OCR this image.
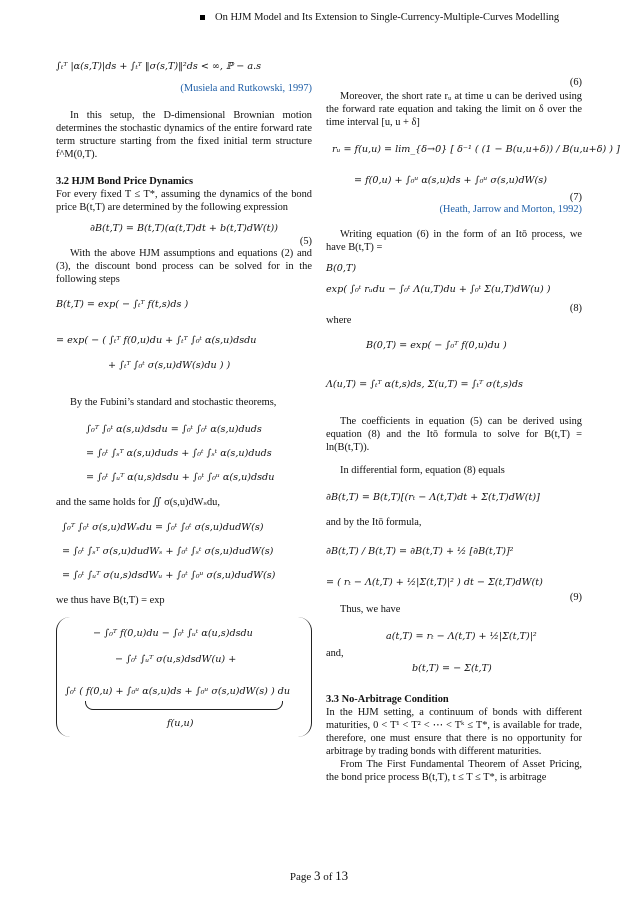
On HJM Model and Its Extension to Single-Currency-Multiple-Curves Modelling
∫ₜᵀ |α(s,T)|ds + ∫ₜᵀ ‖σ(s,T)‖²ds < ∞, ℙ − a.s
(Musiela and Rutkowski, 1997)

In this setup, the D-dimensional Brownian motion determines the stochastic dynamics of the entire forward rate term structure starting from the fixed initial term structure f^M(0,T).

3.2 HJM Bond Price Dynamics

For every fixed T ≤ T*, assuming the dynamics of the bond price B(t,T) are determined by the following expression

∂B(t,T) = B(t,T)(α(t,T)dt + b(t,T)dW(t))
(5)

With the above HJM assumptions and equations (2) and (3), the discount bond process can be solved for in the following steps

B(t,T) = exp( − ∫ₜᵀ f(t,s)ds )
= exp( − ( ∫ₜᵀ f(0,u)du + ∫ₜᵀ ∫₀ᵗ α(s,u)dsdu
+ ∫ₜᵀ ∫₀ᵗ σ(s,u)dW(s)du ) )

By the Fubini’s standard and stochastic theorems,

∫₀ᵀ ∫₀ᵗ α(s,u)dsdu = ∫₀ᵗ ∫₀ᵗ α(s,u)duds
= ∫₀ᵗ ∫ₛᵀ α(s,u)duds + ∫₀ᵗ ∫ₛᵗ α(s,u)duds
= ∫₀ᵗ ∫ᵤᵀ α(u,s)dsdu + ∫₀ᵗ ∫₀ᵘ α(s,u)dsdu

and the same holds for ∬ σ(s,u)dWₛdu,

∫₀ᵀ ∫₀ᵗ σ(s,u)dWₛdu = ∫₀ᵗ ∫₀ᵗ σ(s,u)dudW(s)
= ∫₀ᵗ ∫ₛᵀ σ(s,u)dudWₛ + ∫₀ᵗ ∫ₛᵗ σ(s,u)dudW(s)
= ∫₀ᵗ ∫ᵤᵀ σ(u,s)dsdWᵤ + ∫₀ᵗ ∫₀ᵘ σ(s,u)dudW(s)

we thus have B(t,T) = exp

− ∫₀ᵀ f(0,u)du − ∫₀ᵗ ∫ᵤᵗ α(u,s)dsdu
− ∫₀ᵗ ∫ᵤᵀ σ(u,s)dsdW(u) +
∫₀ᵗ ( f(0,u) + ∫₀ᵘ α(s,u)ds + ∫₀ᵘ σ(s,u)dW(s) ) du
f(u,u)
(6)

Moreover, the short rate rᵤ at time u can be derived using the forward rate equation and taking the limit on δ over the time interval [u, u + δ]

rᵤ = f(u,u) = lim_{δ→0} [ δ⁻¹ ( (1 − B(u,u+δ)) / B(u,u+δ) ) ]
= f(0,u) + ∫₀ᵘ α(s,u)ds + ∫₀ᵘ σ(s,u)dW(s)
(7)
(Heath, Jarrow and Morton, 1992)

Writing equation (6) in the form of an Itō process, we have B(t,T) =

B(0,T)
exp( ∫₀ᵗ rᵤdu − ∫₀ᵗ Λ(u,T)du + ∫₀ᵗ Σ(u,T)dW(u) )
(8)

where

B(0,T) = exp( − ∫₀ᵀ f(0,u)du )
Λ(u,T) = ∫ₜᵀ α(t,s)ds, Σ(u,T) = ∫ₜᵀ σ(t,s)ds

The coefficients in equation (5) can be derived using equation (8) and the Itō formula to solve for B(t,T) = ln(B(t,T)).

In differential form, equation (8) equals

∂B(t,T) = B(t,T)[(rₜ − Λ(t,T)dt + Σ(t,T)dW(t)]

and by the Itō formula,

∂B(t,T) / B(t,T) = ∂B(t,T) + ½ [∂B(t,T)]²
= ( rₜ − Λ(t,T) + ½|Σ(t,T)|² ) dt − Σ(t,T)dW(t)
(9)

Thus, we have

a(t,T) = rₜ − Λ(t,T) + ½|Σ(t,T)|²

and,

b(t,T) = − Σ(t,T)

3.3 No-Arbitrage Condition

In the HJM setting, a continuum of bonds with different maturities, 0 < T¹ < T² < ⋯ < Tᵏ ≤ T*, is available for trade, therefore, one must ensure that there is no opportunity for arbitrage by trading bonds with different maturities.

From The First Fundamental Theorem of Asset Pricing, the bond price process B(t,T), t ≤ T ≤ T*, is arbitrage

Page 3 of 13
